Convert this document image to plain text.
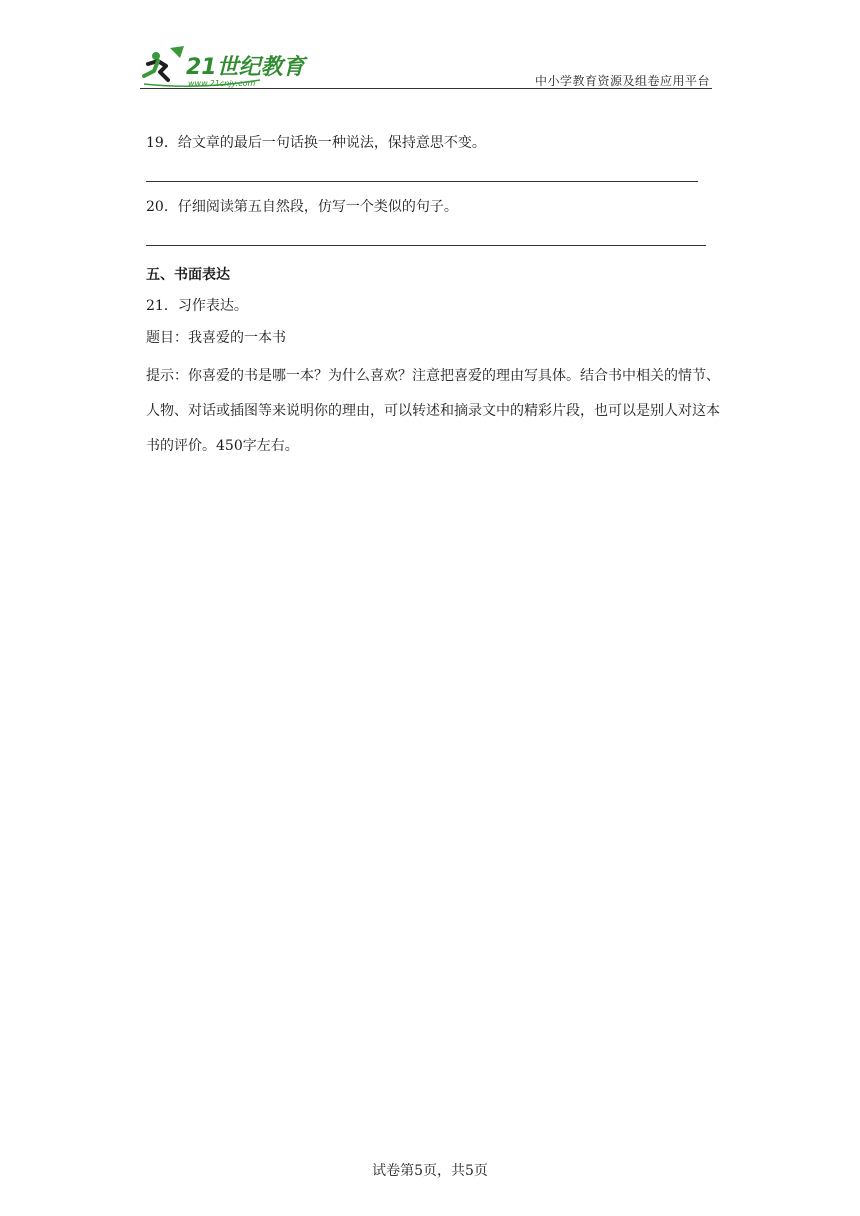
21世纪教育
www.21cnjy.com	中小学教育资源及组卷应用平台

19．给文章的最后一句话换一种说法，保持意思不变。

20．仔细阅读第五自然段，仿写一个类似的句子。

五、书面表达

21．习作表达。

题目：我喜爱的一本书

提示：你喜爱的书是哪一本？为什么喜欢？注意把喜爱的理由写具体。结合书中相关的情节、人物、对话或插图等来说明你的理由，可以转述和摘录文中的精彩片段，也可以是别人对这本书的评价。450字左右。

试卷第5页，共5页
